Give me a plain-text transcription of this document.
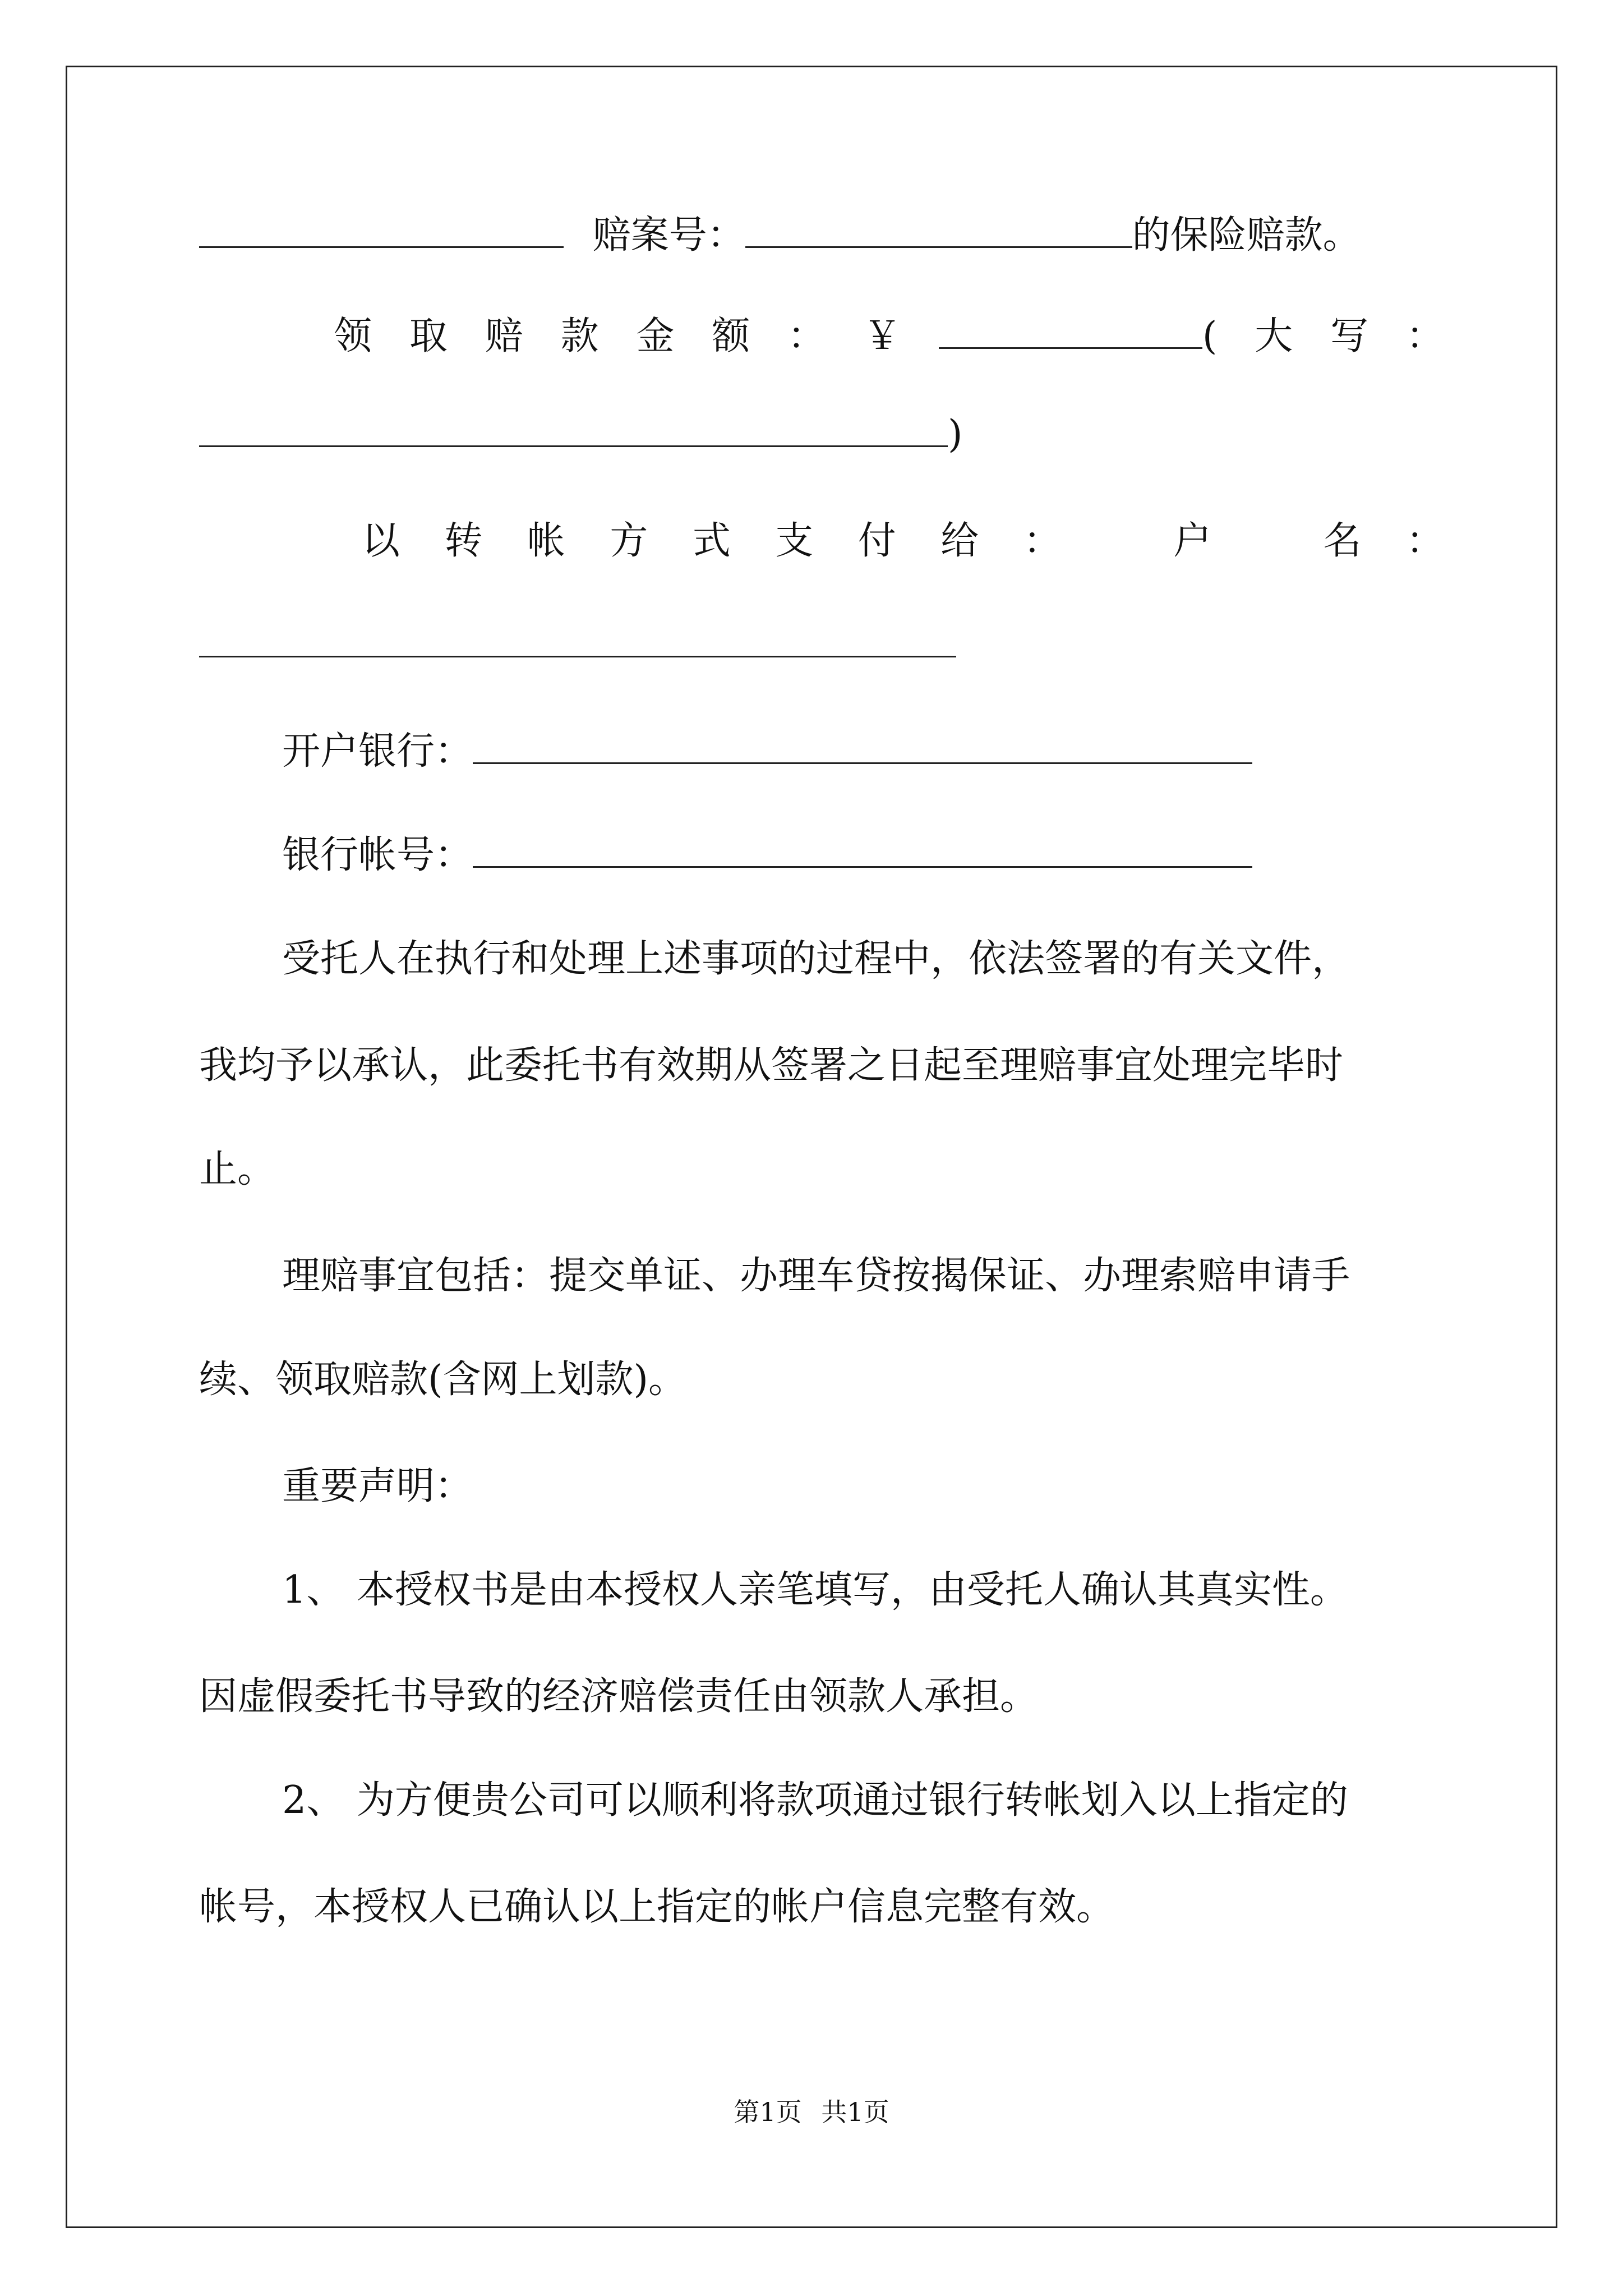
赔案号：	的保险赔款。
领 取 赔 款 金 额 ： ￥	( 大 写 ：
)
以 转 帐 方 式 支 付 给 ：	户	名 ：
开户银行：
银行帐号：
受托人在执行和处理上述事项的过程中，依法签署的有关文件，
我均予以承认，此委托书有效期从签署之日起至理赔事宜处理完毕时
止。
理赔事宜包括：提交单证、办理车贷按揭保证、办理索赔申请手
续、领取赔款(含网上划款)。
重要声明：
1、 本授权书是由本授权人亲笔填写，由受托人确认其真实性。
因虚假委托书导致的经济赔偿责任由领款人承担。
2、 为方便贵公司可以顺利将款项通过银行转帐划入以上指定的
帐号，本授权人已确认以上指定的帐户信息完整有效。
第1页 共1页
